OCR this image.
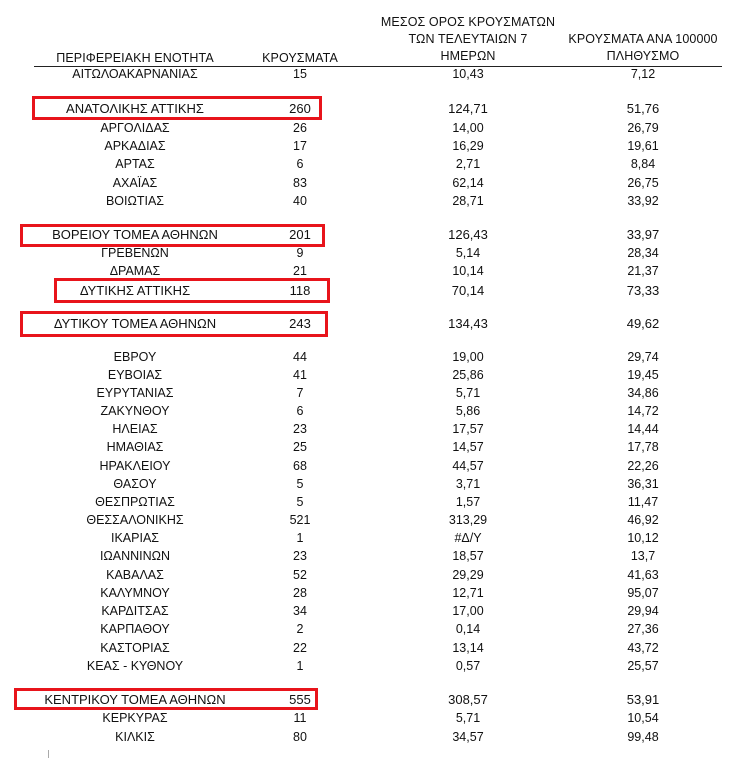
ΠΕΡΙΦΕΡΕΙΑΚΗ ΕΝΟΤΗΤΑ	ΚΡΟΥΣΜΑΤΑ
ΜΕΣΟΣ ΟΡΟΣ ΚΡΟΥΣΜΑΤΩΝ
ΤΩΝ ΤΕΛΕΥΤΑΙΩΝ 7
ΗΜΕΡΩΝ
ΚΡΟΥΣΜΑΤΑ ΑΝΑ 100000
ΠΛΗΘΥΣΜΟ
ΑΙΤΩΛΟΑΚΑΡΝΑΝΙΑΣ	15	10,43	7,12
ΑΝΑΤΟΛΙΚΗΣ ΑΤΤΙΚΗΣ	260	124,71	51,76
ΑΡΓΟΛΙΔΑΣ	26	14,00	26,79
ΑΡΚΑΔΙΑΣ	17	16,29	19,61
ΑΡΤΑΣ	6	2,71	8,84
ΑΧΑΪΑΣ	83	62,14	26,75
ΒΟΙΩΤΙΑΣ	40	28,71	33,92
ΒΟΡΕΙΟΥ ΤΟΜΕΑ ΑΘΗΝΩΝ	201	126,43	33,97
ΓΡΕΒΕΝΩΝ	9	5,14	28,34
ΔΡΑΜΑΣ	21	10,14	21,37
ΔΥΤΙΚΗΣ ΑΤΤΙΚΗΣ	118	70,14	73,33
ΔΥΤΙΚΟΥ ΤΟΜΕΑ ΑΘΗΝΩΝ	243	134,43	49,62
ΕΒΡΟΥ	44	19,00	29,74
ΕΥΒΟΙΑΣ	41	25,86	19,45
ΕΥΡΥΤΑΝΙΑΣ	7	5,71	34,86
ΖΑΚΥΝΘΟΥ	6	5,86	14,72
ΗΛΕΙΑΣ	23	17,57	14,44
ΗΜΑΘΙΑΣ	25	14,57	17,78
ΗΡΑΚΛΕΙΟΥ	68	44,57	22,26
ΘΑΣΟΥ	5	3,71	36,31
ΘΕΣΠΡΩΤΙΑΣ	5	1,57	11,47
ΘΕΣΣΑΛΟΝΙΚΗΣ	521	313,29	46,92
ΙΚΑΡΙΑΣ	1	#Δ/Υ	10,12
ΙΩΑΝΝΙΝΩΝ	23	18,57	13,7
ΚΑΒΑΛΑΣ	52	29,29	41,63
ΚΑΛΥΜΝΟΥ	28	12,71	95,07
ΚΑΡΔΙΤΣΑΣ	34	17,00	29,94
ΚΑΡΠΑΘΟΥ	2	0,14	27,36
ΚΑΣΤΟΡΙΑΣ	22	13,14	43,72
ΚΕΑΣ - ΚΥΘΝΟΥ	1	0,57	25,57
ΚΕΝΤΡΙΚΟΥ ΤΟΜΕΑ ΑΘΗΝΩΝ	555	308,57	53,91
ΚΕΡΚΥΡΑΣ	11	5,71	10,54
ΚΙΛΚΙΣ	80	34,57	99,48
